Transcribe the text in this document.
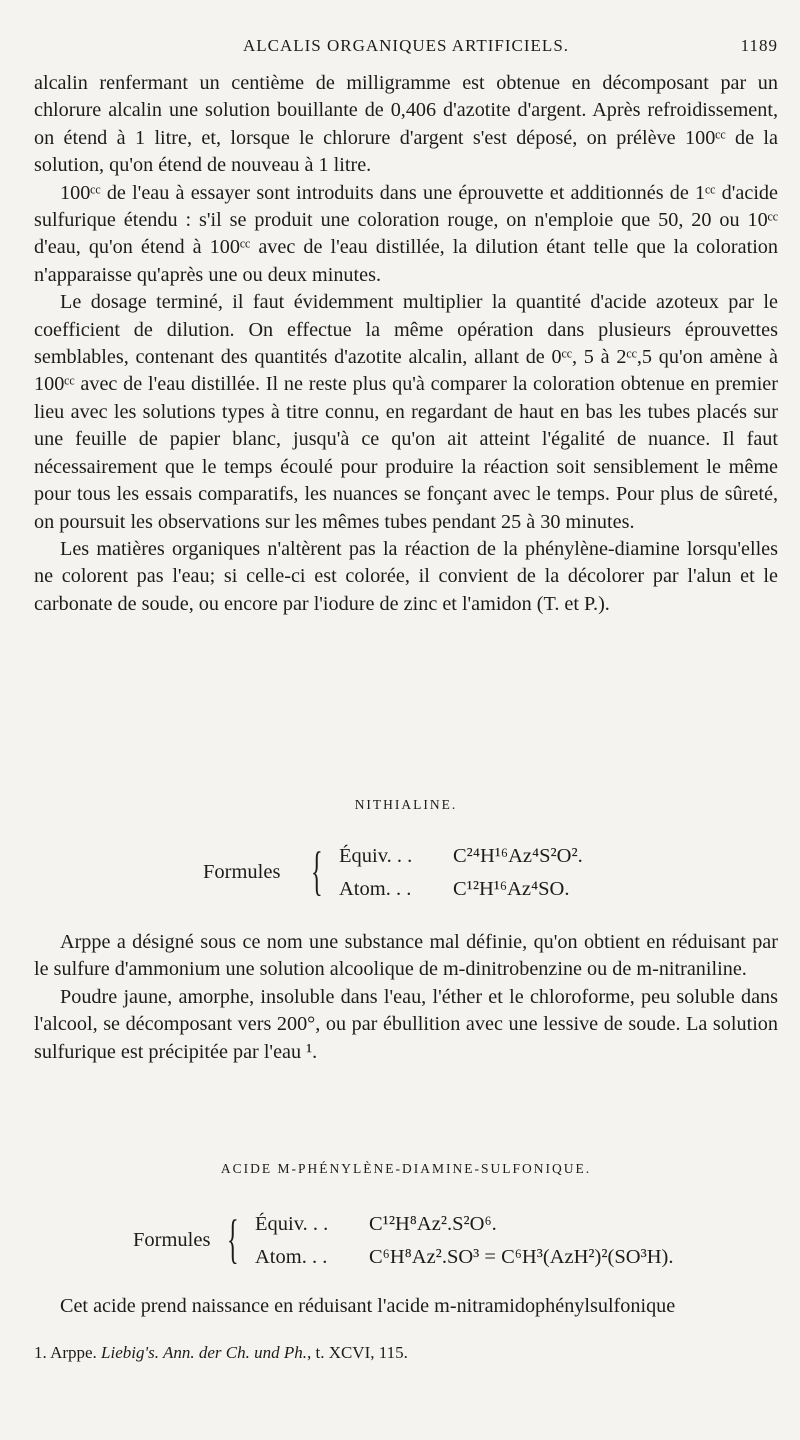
ALCALIS ORGANIQUES ARTIFICIELS.	1189

alcalin renfermant un centième de milligramme est obtenue en décomposant par un chlorure alcalin une solution bouillante de 0,406 d'azotite d'argent. Après refroidissement, on étend à 1 litre, et, lorsque le chlorure d'argent s'est déposé, on prélève 100ᶜᶜ de la solution, qu'on étend de nouveau à 1 litre.

100ᶜᶜ de l'eau à essayer sont introduits dans une éprouvette et additionnés de 1ᶜᶜ d'acide sulfurique étendu : s'il se produit une coloration rouge, on n'emploie que 50, 20 ou 10ᶜᶜ d'eau, qu'on étend à 100ᶜᶜ avec de l'eau distillée, la dilution étant telle que la coloration n'apparaisse qu'après une ou deux minutes.

Le dosage terminé, il faut évidemment multiplier la quantité d'acide azoteux par le coefficient de dilution. On effectue la même opération dans plusieurs éprouvettes semblables, contenant des quantités d'azotite alcalin, allant de 0ᶜᶜ, 5 à 2ᶜᶜ,5 qu'on amène à 100ᶜᶜ avec de l'eau distillée. Il ne reste plus qu'à comparer la coloration obtenue en premier lieu avec les solutions types à titre connu, en regardant de haut en bas les tubes placés sur une feuille de papier blanc, jusqu'à ce qu'on ait atteint l'égalité de nuance. Il faut nécessairement que le temps écoulé pour produire la réaction soit sensiblement le même pour tous les essais comparatifs, les nuances se fonçant avec le temps. Pour plus de sûreté, on poursuit les observations sur les mêmes tubes pendant 25 à 30 minutes.

Les matières organiques n'altèrent pas la réaction de la phénylène-diamine lorsqu'elles ne colorent pas l'eau; si celle-ci est colorée, il convient de la décolorer par l'alun et le carbonate de soude, ou encore par l'iodure de zinc et l'amidon (T. et P.).

NITHIALINE.
Formules { Équiv. . . C²⁴H¹⁶Az⁴S²O².
Atom. . . C¹²H¹⁶Az⁴SO.

Arppe a désigné sous ce nom une substance mal définie, qu'on obtient en réduisant par le sulfure d'ammonium une solution alcoolique de m-dinitrobenzine ou de m-nitraniline.

Poudre jaune, amorphe, insoluble dans l'eau, l'éther et le chloroforme, peu soluble dans l'alcool, se décomposant vers 200°, ou par ébullition avec une lessive de soude. La solution sulfurique est précipitée par l'eau ¹.

ACIDE M-PHÉNYLÈNE-DIAMINE-SULFONIQUE.
Formules { Équiv. . . C¹²H⁸Az².S²O⁶.
Atom. . . C⁶H⁸Az².SO³ = C⁶H³(AzH²)²(SO³H).

Cet acide prend naissance en réduisant l'acide m-nitramidophénylsulfonique

1. Arppe. Liebig's. Ann. der Ch. und Ph., t. XCVI, 115.
